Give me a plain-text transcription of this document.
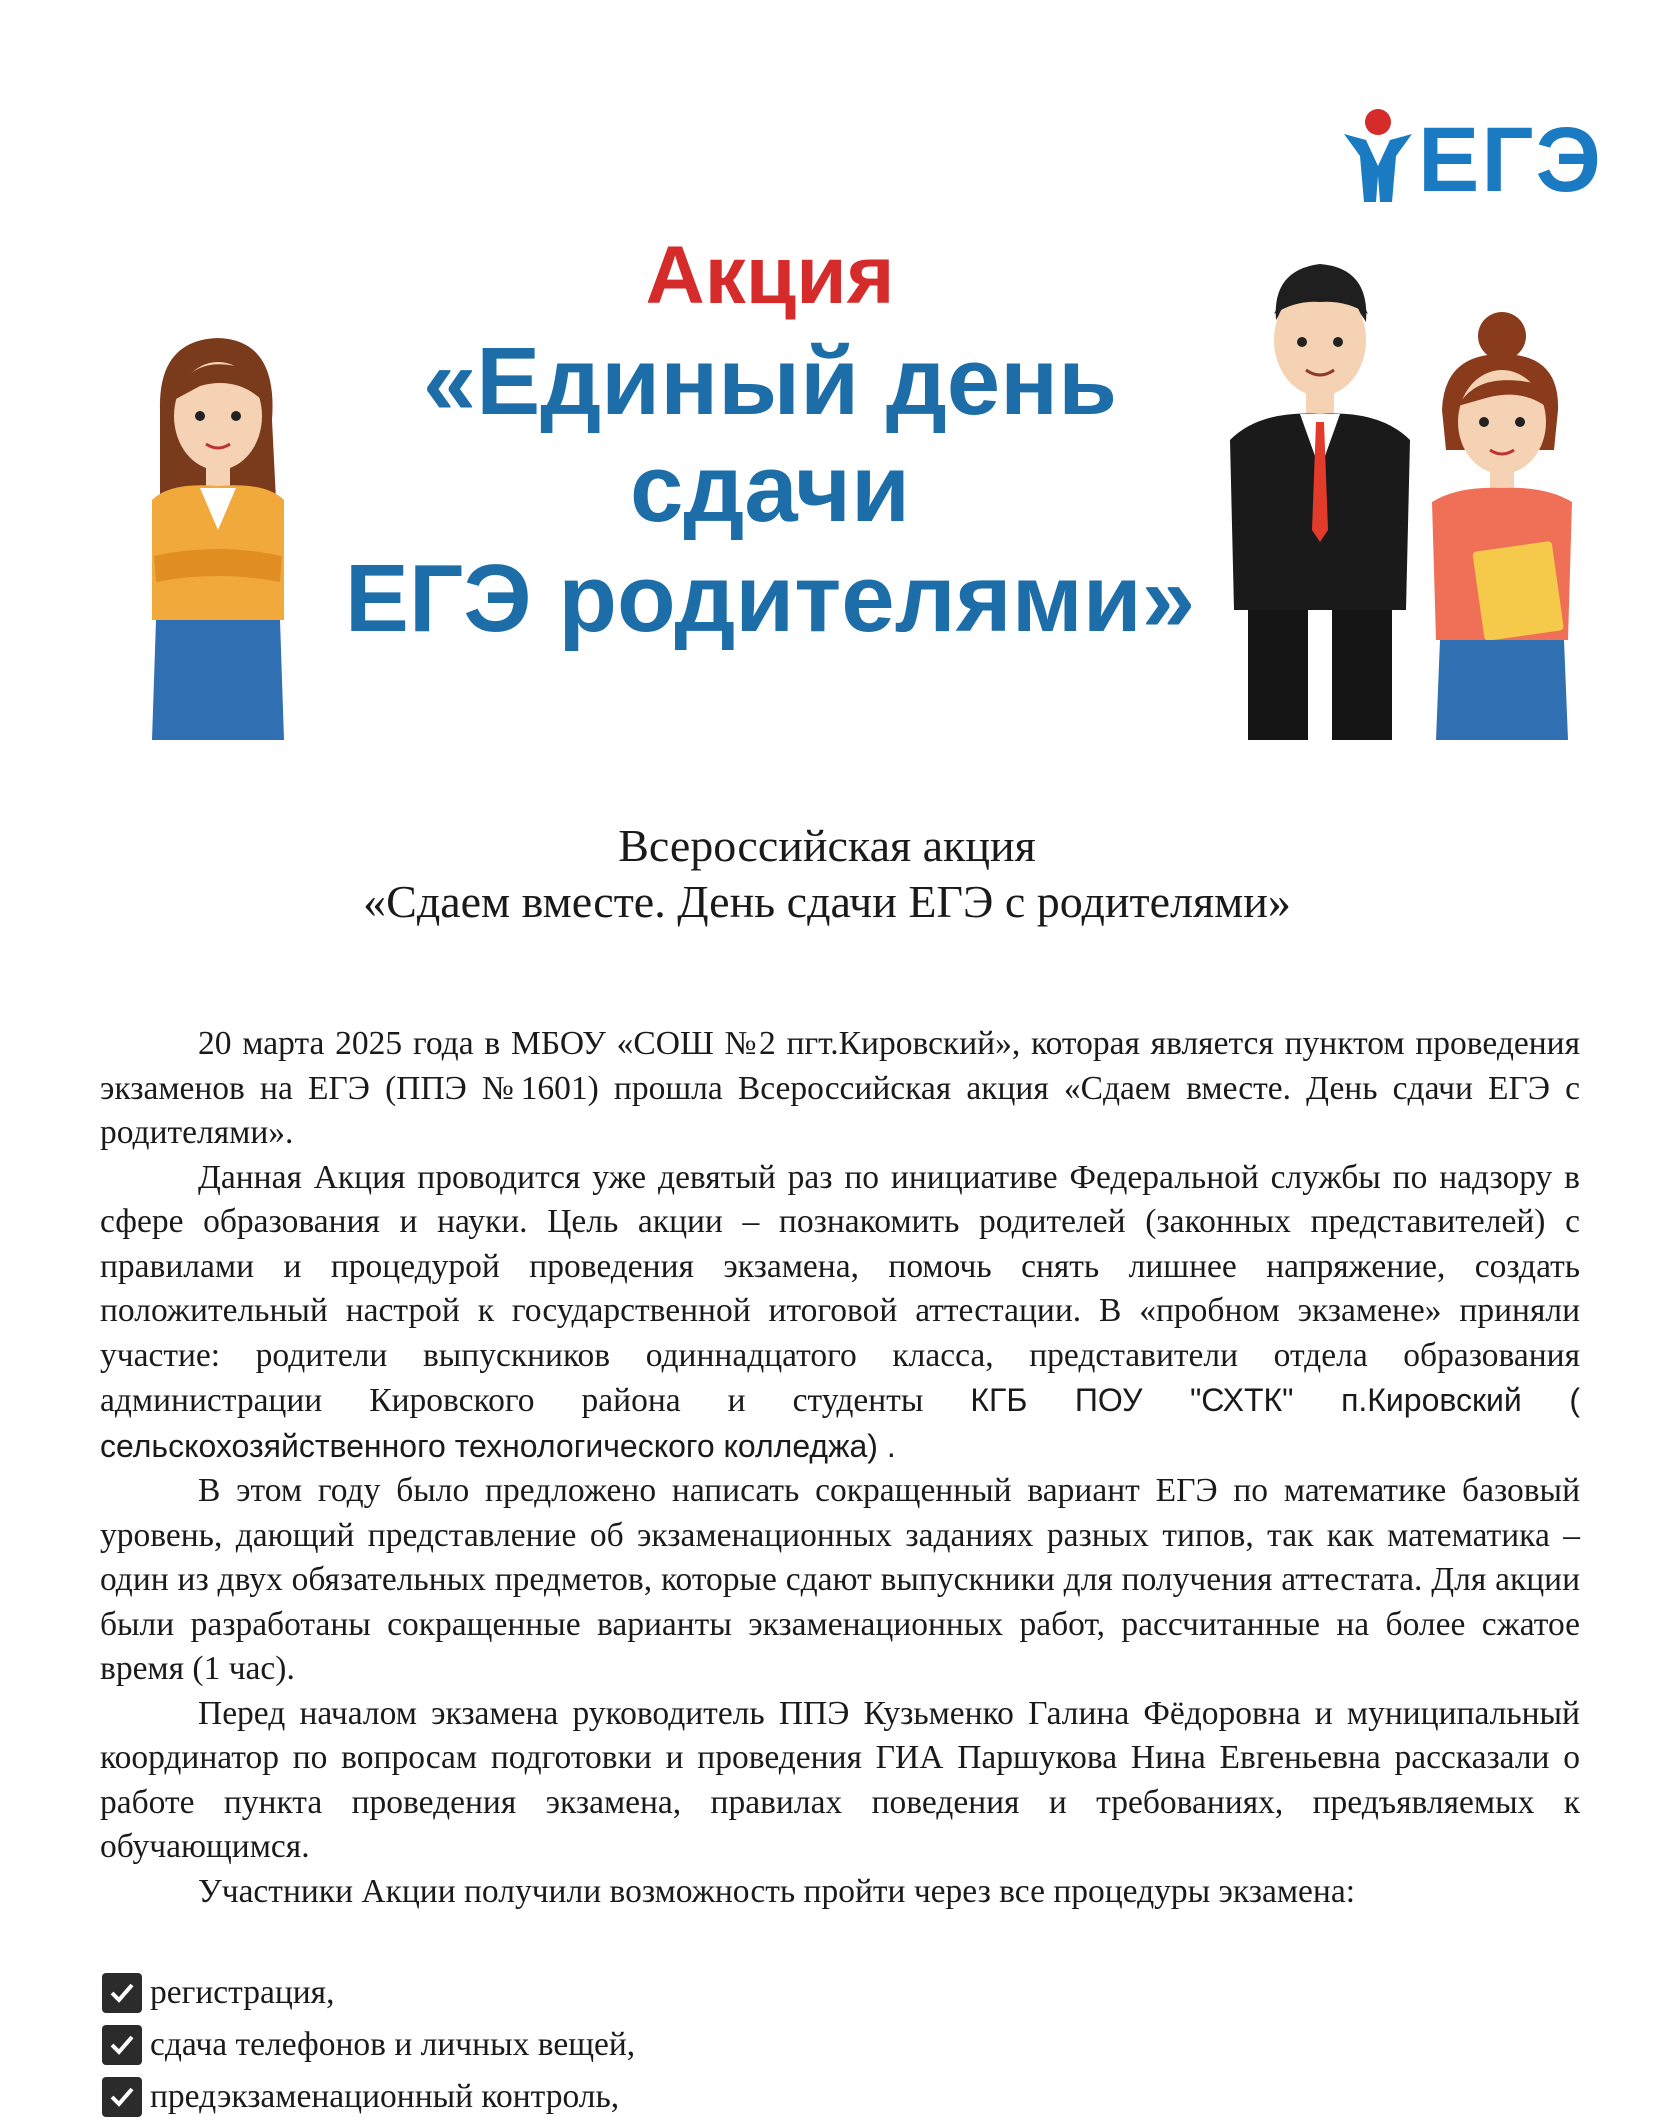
ЕГЭ
Акция
«Единый день сдачи
ЕГЭ родителями»
Всероссийская акция
«Сдаем вместе. День сдачи ЕГЭ с родителями»

20 марта 2025 года в МБОУ «СОШ №2 пгт.Кировский», которая является пунктом проведения экзаменов на ЕГЭ (ППЭ №1601) прошла Всероссийская акция «Сдаем вместе. День сдачи ЕГЭ с родителями».

Данная Акция проводится уже девятый раз по инициативе Федеральной службы по надзору в сфере образования и науки. Цель акции – познакомить родителей (законных представителей) с правилами и процедурой проведения экзамена, помочь снять лишнее напряжение, создать положительный настрой к государственной итоговой аттестации. В «пробном экзамене» приняли участие: родители выпускников одиннадцатого класса, представители отдела образования администрации Кировского района и студенты КГБ ПОУ "СХТК" п.Кировский ( сельскохозяйственного технологического колледжа) .

В этом году было предложено написать сокращенный вариант ЕГЭ по математике базовый уровень, дающий представление об экзаменационных заданиях разных типов, так как математика – один из двух обязательных предметов, которые сдают выпускники для получения аттестата. Для акции были разработаны сокращенные варианты экзаменационных работ, рассчитанные на более сжатое время (1 час).

Перед началом экзамена руководитель ППЭ Кузьменко Галина Фёдоровна и муниципальный координатор по вопросам подготовки и проведения ГИА Паршукова Нина Евгеньевна рассказали о работе пункта проведения экзамена, правилах поведения и требованиях, предъявляемых к обучающимся.

Участники Акции получили возможность пройти через все процедуры экзамена:

регистрация,
сдача телефонов и личных вещей,
предэкзаменационный контроль,
